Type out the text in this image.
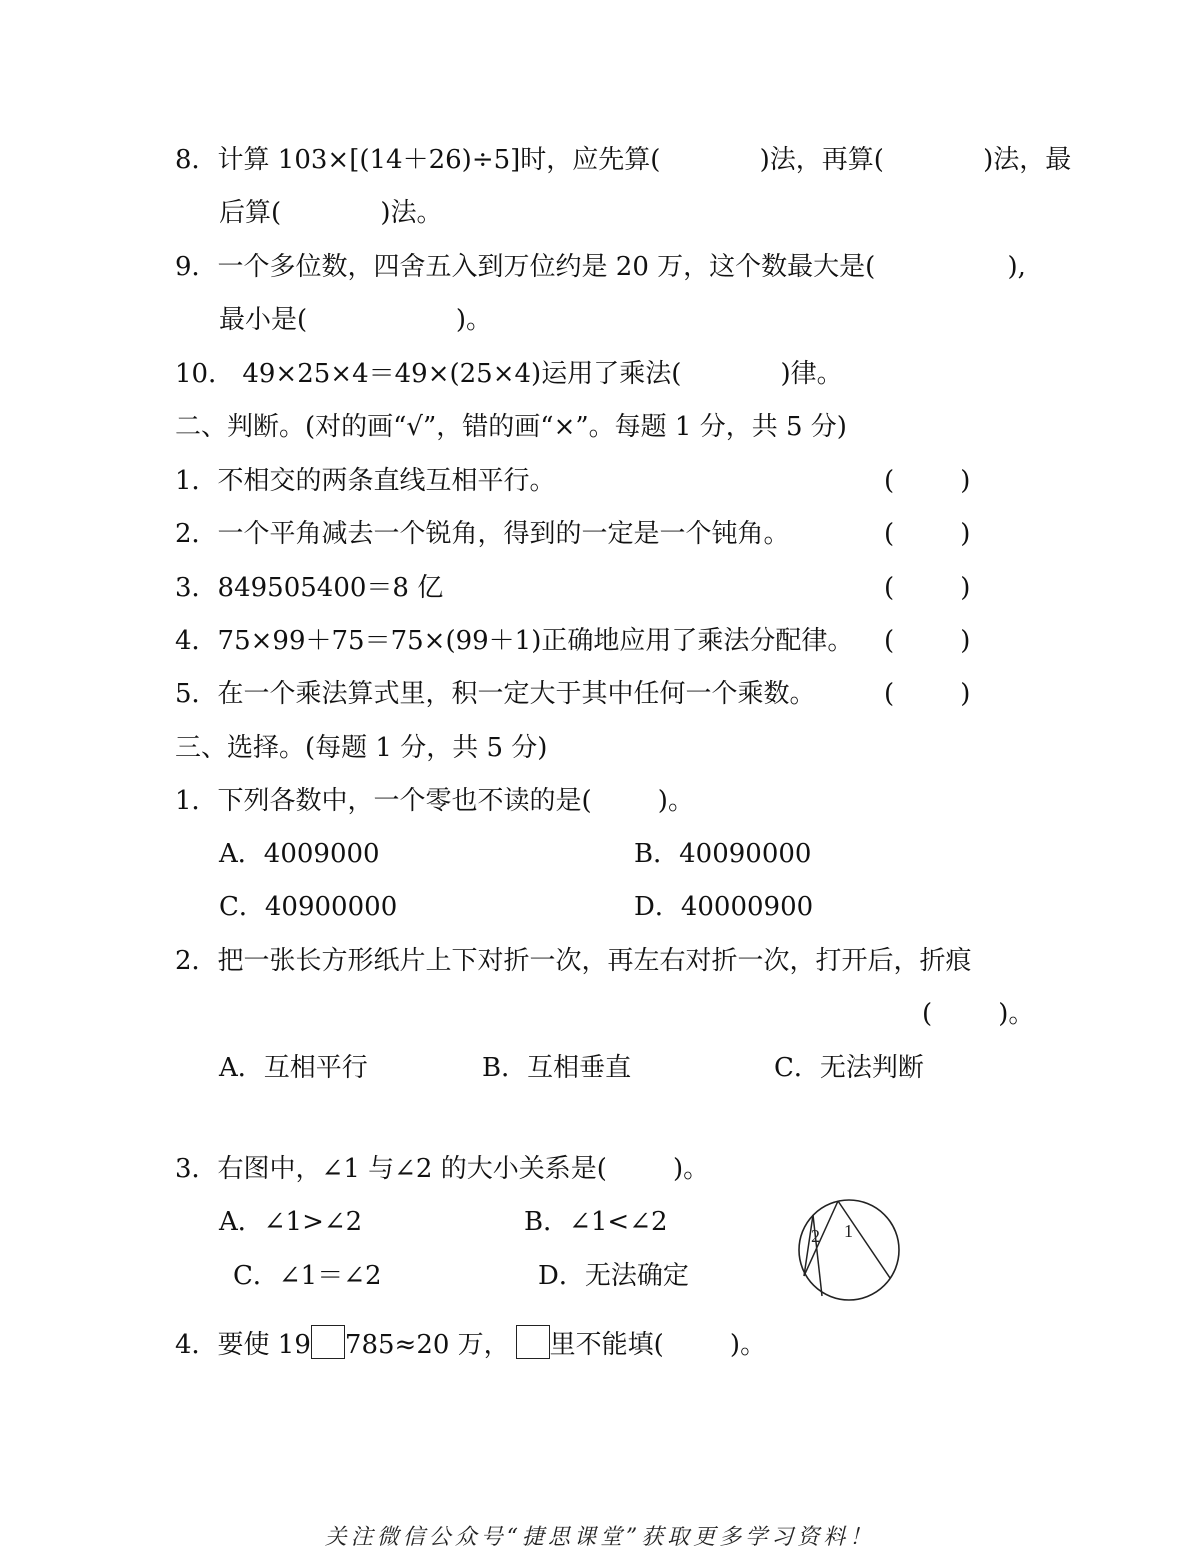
8．计算 103×[(14＋26)÷5]时，应先算(            )法，再算(            )法，最
后算(            )法。
9．一个多位数，四舍五入到万位约是 20 万，这个数最大是(                ),
最小是(                  )。
10． 49×25×4＝49×(25×4)运用了乘法(            )律。
二、判断。(对的画“√”，错的画“×”。每题 1 分，共 5 分)
1．不相交的两条直线互相平行。	(        )
2．一个平角减去一个锐角，得到的一定是一个钝角。	(        )
3．849505400＝8 亿	(        )
4．75×99＋75＝75×(99＋1)正确地应用了乘法分配律。 (        )
5．在一个乘法算式里，积一定大于其中任何一个乘数。	(        )
三、选择。(每题 1 分，共 5 分)
1．下列各数中，一个零也不读的是(        )。
A．4009000	B．40090000
C．40900000	D．40000900
2．把一张长方形纸片上下对折一次，再左右对折一次，打开后，折痕
(        )。
A．互相平行	B．互相垂直	C．无法判断
3．右图中，∠1 与∠2 的大小关系是(        )。
A．∠1>∠2	B．∠1<∠2
C．∠1＝∠2	D．无法确定
1
2
4．要使 19 785≈20 万， 里不能填(        )。
关注微信公众号“捷思课堂”获取更多学习资料！
